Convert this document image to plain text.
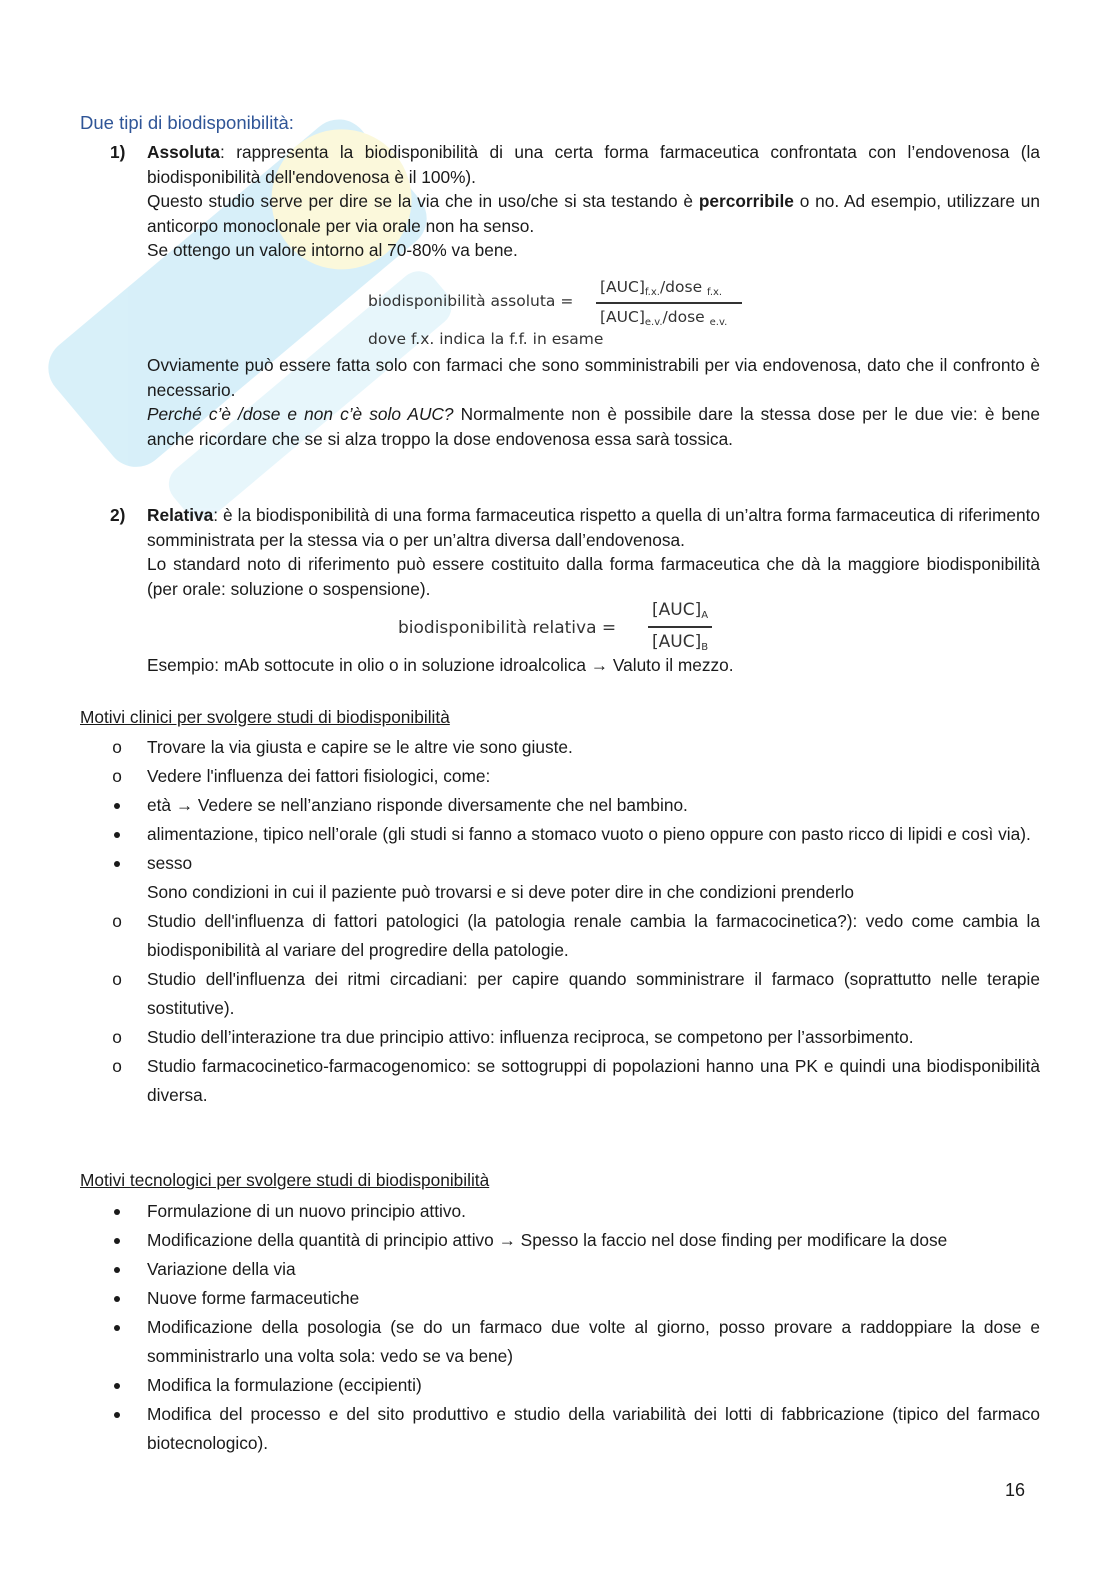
Due tipi di biodisponibilità:
1) Assoluta: rappresenta la biodisponibilità di una certa forma farmaceutica confrontata con l’endovenosa (la biodisponibilità dell'endovenosa è il 100%).

Questo studio serve per dire se la via che in uso/che si sta testando è percorribile o no. Ad esempio, utilizzare un anticorpo monoclonale per via orale non ha senso.

Se ottengo un valore intorno al 70-80% va bene.

biodisponibilità assoluta =
$[AUC]_{f.x.}$/dose $_{f.x.}$
$[AUC]_{e.v.}$/dose $_{e.v.}$
dove f.x. indica la f.f. in esame

Ovviamente può essere fatta solo con farmaci che sono somministrabili per via endovenosa, dato che il confronto è necessario.

Perché c’è /dose e non c’è solo AUC? Normalmente non è possibile dare la stessa dose per le due vie: è bene anche ricordare che se si alza troppo la dose endovenosa essa sarà tossica.

2) Relativa: è la biodisponibilità di una forma farmaceutica rispetto a quella di un’altra forma farmaceutica di riferimento somministrata per la stessa via o per un’altra diversa dall’endovenosa.

Lo standard noto di riferimento può essere costituito dalla forma farmaceutica che dà la maggiore biodisponibilità (per orale: soluzione o sospensione).

biodisponibilità relativa =
$[AUC]_A$
$[AUC]_B$

Esempio: mAb sottocute in olio o in soluzione idroalcolica → Valuto il mezzo.

Motivi clinici per svolgere studi di biodisponibilità
o Trovare la via giusta e capire se le altre vie sono giuste.
o Vedere l'influenza dei fattori fisiologici, come:
età → Vedere se nell’anziano risponde diversamente che nel bambino.
alimentazione, tipico nell’orale (gli studi si fanno a stomaco vuoto o pieno oppure con pasto ricco di lipidi e così via).
sesso
Sono condizioni in cui il paziente può trovarsi e si deve poter dire in che condizioni prenderlo
o Studio dell'influenza di fattori patologici (la patologia renale cambia la farmacocinetica?): vedo come cambia la biodisponibilità al variare del progredire della patologie.
o Studio dell'influenza dei ritmi circadiani: per capire quando somministrare il farmaco (soprattutto nelle terapie sostitutive).
o Studio dell’interazione tra due principio attivo: influenza reciproca, se competono per l’assorbimento.
o Studio farmacocinetico-farmacogenomico: se sottogruppi di popolazioni hanno una PK e quindi una biodisponibilità diversa.
Motivi tecnologici per svolgere studi di biodisponibilità
Formulazione di un nuovo principio attivo.
Modificazione della quantità di principio attivo → Spesso la faccio nel dose finding per modificare la dose
Variazione della via
Nuove forme farmaceutiche
Modificazione della posologia (se do un farmaco due volte al giorno, posso provare a raddoppiare la dose e somministrarlo una volta sola: vedo se va bene)
Modifica la formulazione (eccipienti)
Modifica del processo e del sito produttivo e studio della variabilità dei lotti di fabbricazione (tipico del farmaco biotecnologico).
16
